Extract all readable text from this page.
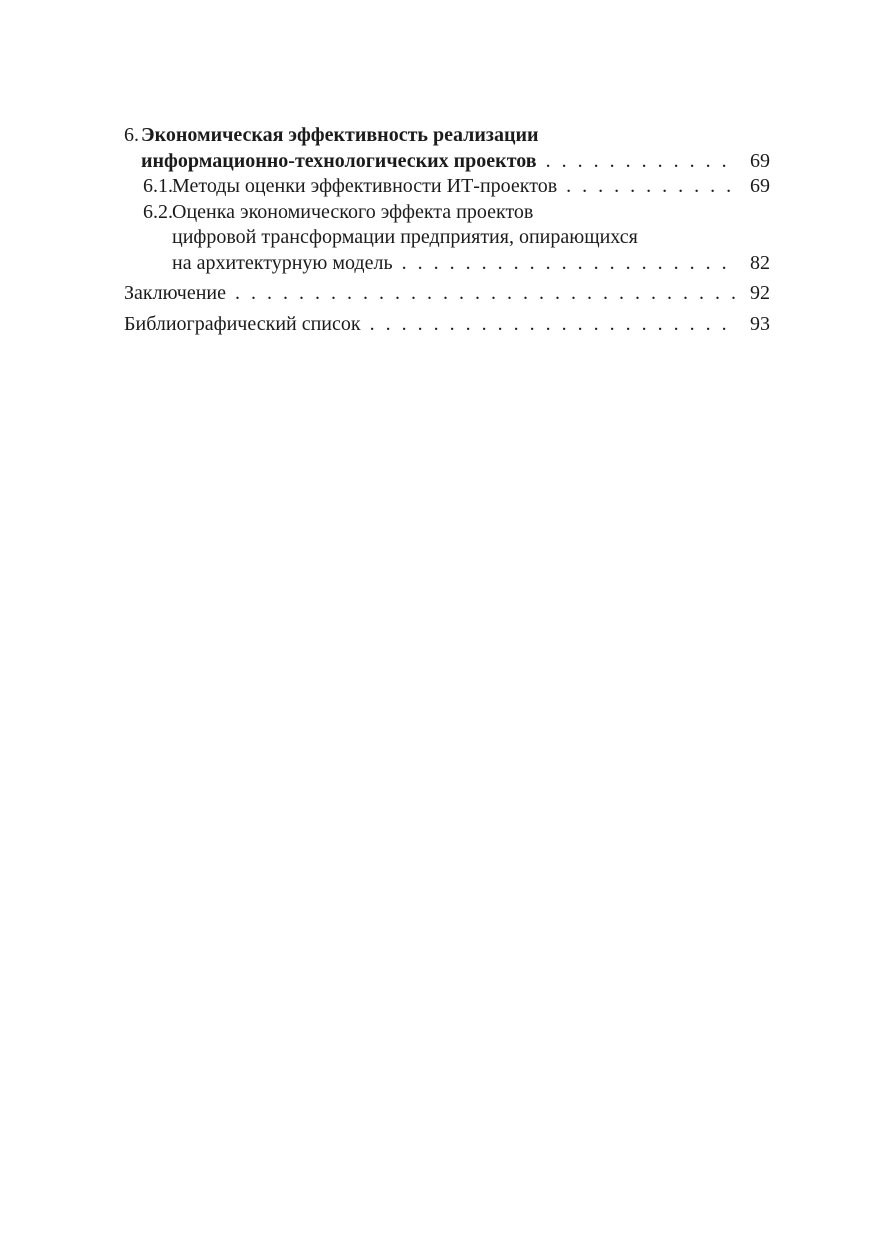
6. Экономическая эффективность реализации
информационно-технологических проектов . . .	69
6.1. Методы оценки эффективности ИТ-проектов . . .	69
6.2. Оценка экономического эффекта проектов
цифровой трансформации предприятия, опирающихся
на архитектурную модель . . .	82
Заключение . . .	92
Библиографический список . . .	93
